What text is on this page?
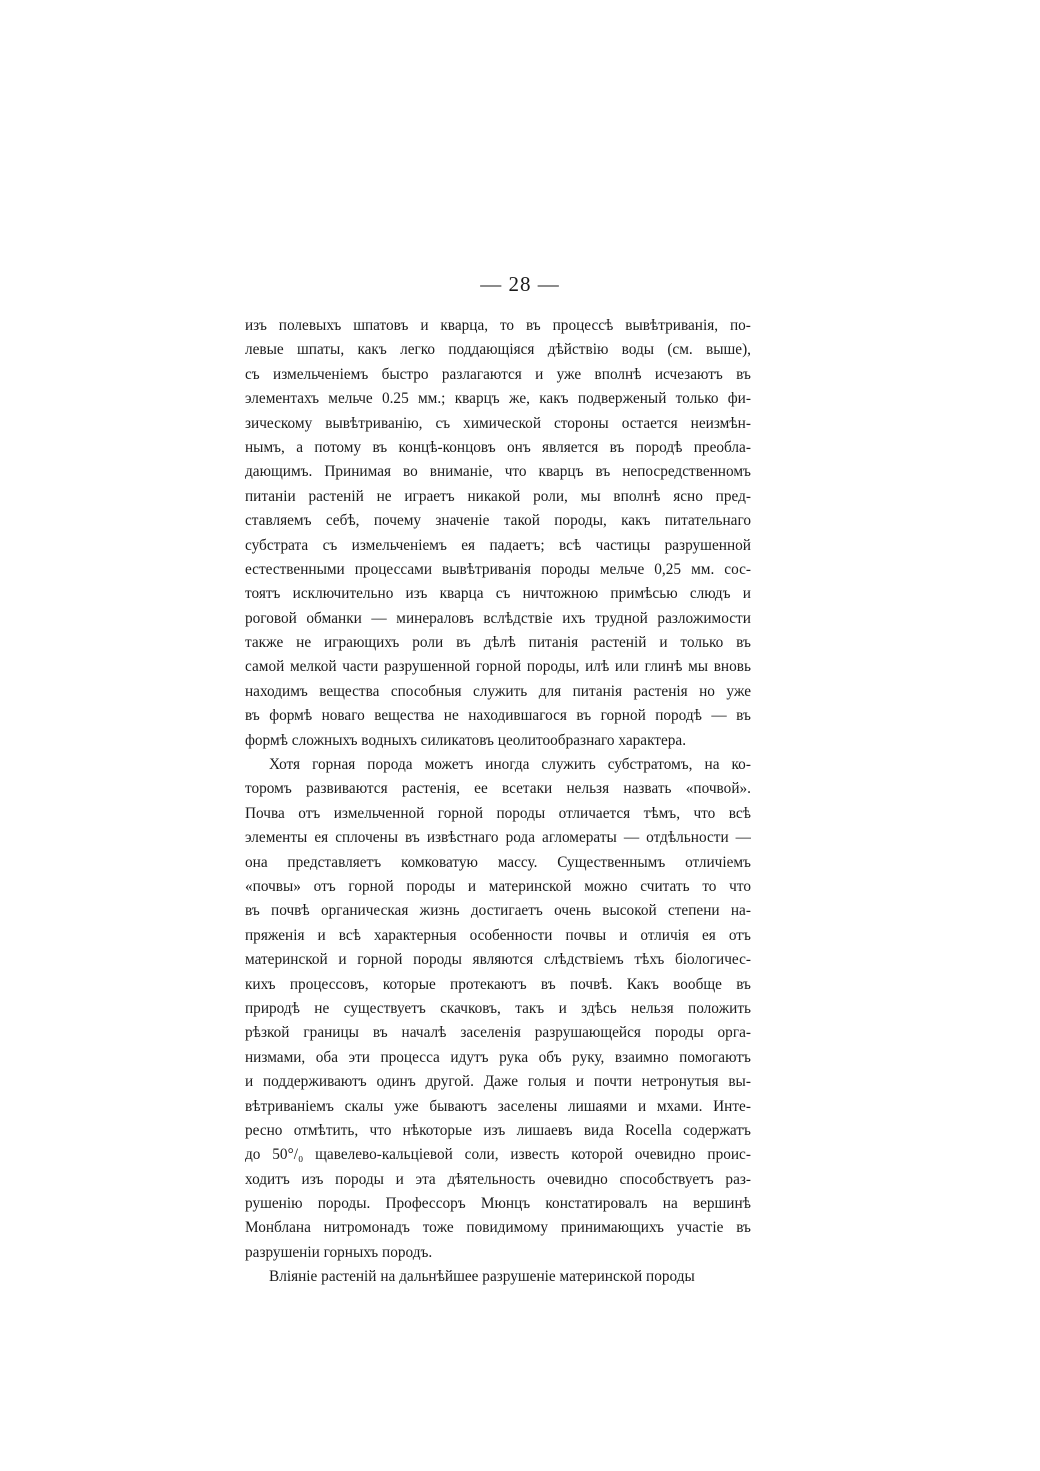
— 28 —
изъ полевыхъ шпатовъ и кварца, то въ процессѣ вывѣтриванія, по-
левые шпаты, какъ легко поддающіяся дѣйствію воды (см. выше),
съ измельченіемъ быстро разлагаются и уже вполнѣ исчезаютъ въ
элементахъ мельче 0.25 мм.; кварцъ же, какъ подверженый только фи-
зическому вывѣтриванію, съ химической стороны остается неизмѣн-
нымъ, а потому въ концѣ-концовъ онъ является въ породѣ преобла-
дающимъ. Принимая во вниманіе, что кварцъ въ непосредственномъ
питаніи растеній не играетъ никакой роли, мы вполнѣ ясно пред-
ставляемъ себѣ, почему значеніе такой породы, какъ питательнаго
субстрата съ измельченіемъ ея падаетъ; всѣ частицы разрушенной
естественными процессами вывѣтриванія породы мельче 0,25 мм. сос-
тоятъ исключительно изъ кварца съ ничтожною примѣсью слюдъ и
роговой обманки — минераловъ вслѣдствіе ихъ трудной разложимости
также не играющихъ роли въ дѣлѣ питанія растеній и только въ
самой мелкой части разрушенной горной породы, илѣ или глинѣ мы вновь
находимъ вещества способныя служить для питанія растенія но уже
въ формѣ новаго вещества не находившагося въ горной породѣ — въ
формѣ сложныхъ водныхъ силикатовъ цеолитообразнаго характера.
Хотя горная порода можетъ иногда служить субстратомъ, на ко-
торомъ развиваются растенія, ее всетаки нельзя назвать «почвой».
Почва отъ измельченной горной породы отличается тѣмъ, что всѣ
элементы ея сплочены въ извѣстнаго рода агломераты — отдѣльности —
она представляетъ комковатую массу. Существеннымъ отличіемъ
«почвы» отъ горной породы и материнской можно считать то что
въ почвѣ органическая жизнь достигаетъ очень высокой степени на-
пряженія и всѣ характерныя особенности почвы и отличія ея отъ
материнской и горной породы являются слѣдствіемъ тѣхъ біологичес-
кихъ процессовъ, которые протекаютъ въ почвѣ. Какъ вообще въ
природѣ не существуетъ скачковъ, такъ и здѣсь нельзя положить
рѣзкой границы въ началѣ заселенія разрушающейся породы орга-
низмами, оба эти процесса идутъ рука объ руку, взаимно помогаютъ
и поддерживаютъ одинъ другой. Даже голыя и почти нетронутыя вы-
вѣтриваніемъ скалы уже бываютъ заселены лишаями и мхами. Инте-
ресно отмѣтить, что нѣкоторые изъ лишаевъ вида Rocella содержатъ
до 50°/₀ щавелево-кальціевой соли, известь которой очевидно проис-
ходитъ изъ породы и эта дѣятельность очевидно способствуетъ раз-
рушенію породы. Профессоръ Мюнцъ констатировалъ на вершинѣ
Монблана нитромонадъ тоже повидимому принимающихъ участіе въ
разрушеніи горныхъ породъ.
Вліяніе растеній на дальнѣйшее разрушеніе материнской породы
